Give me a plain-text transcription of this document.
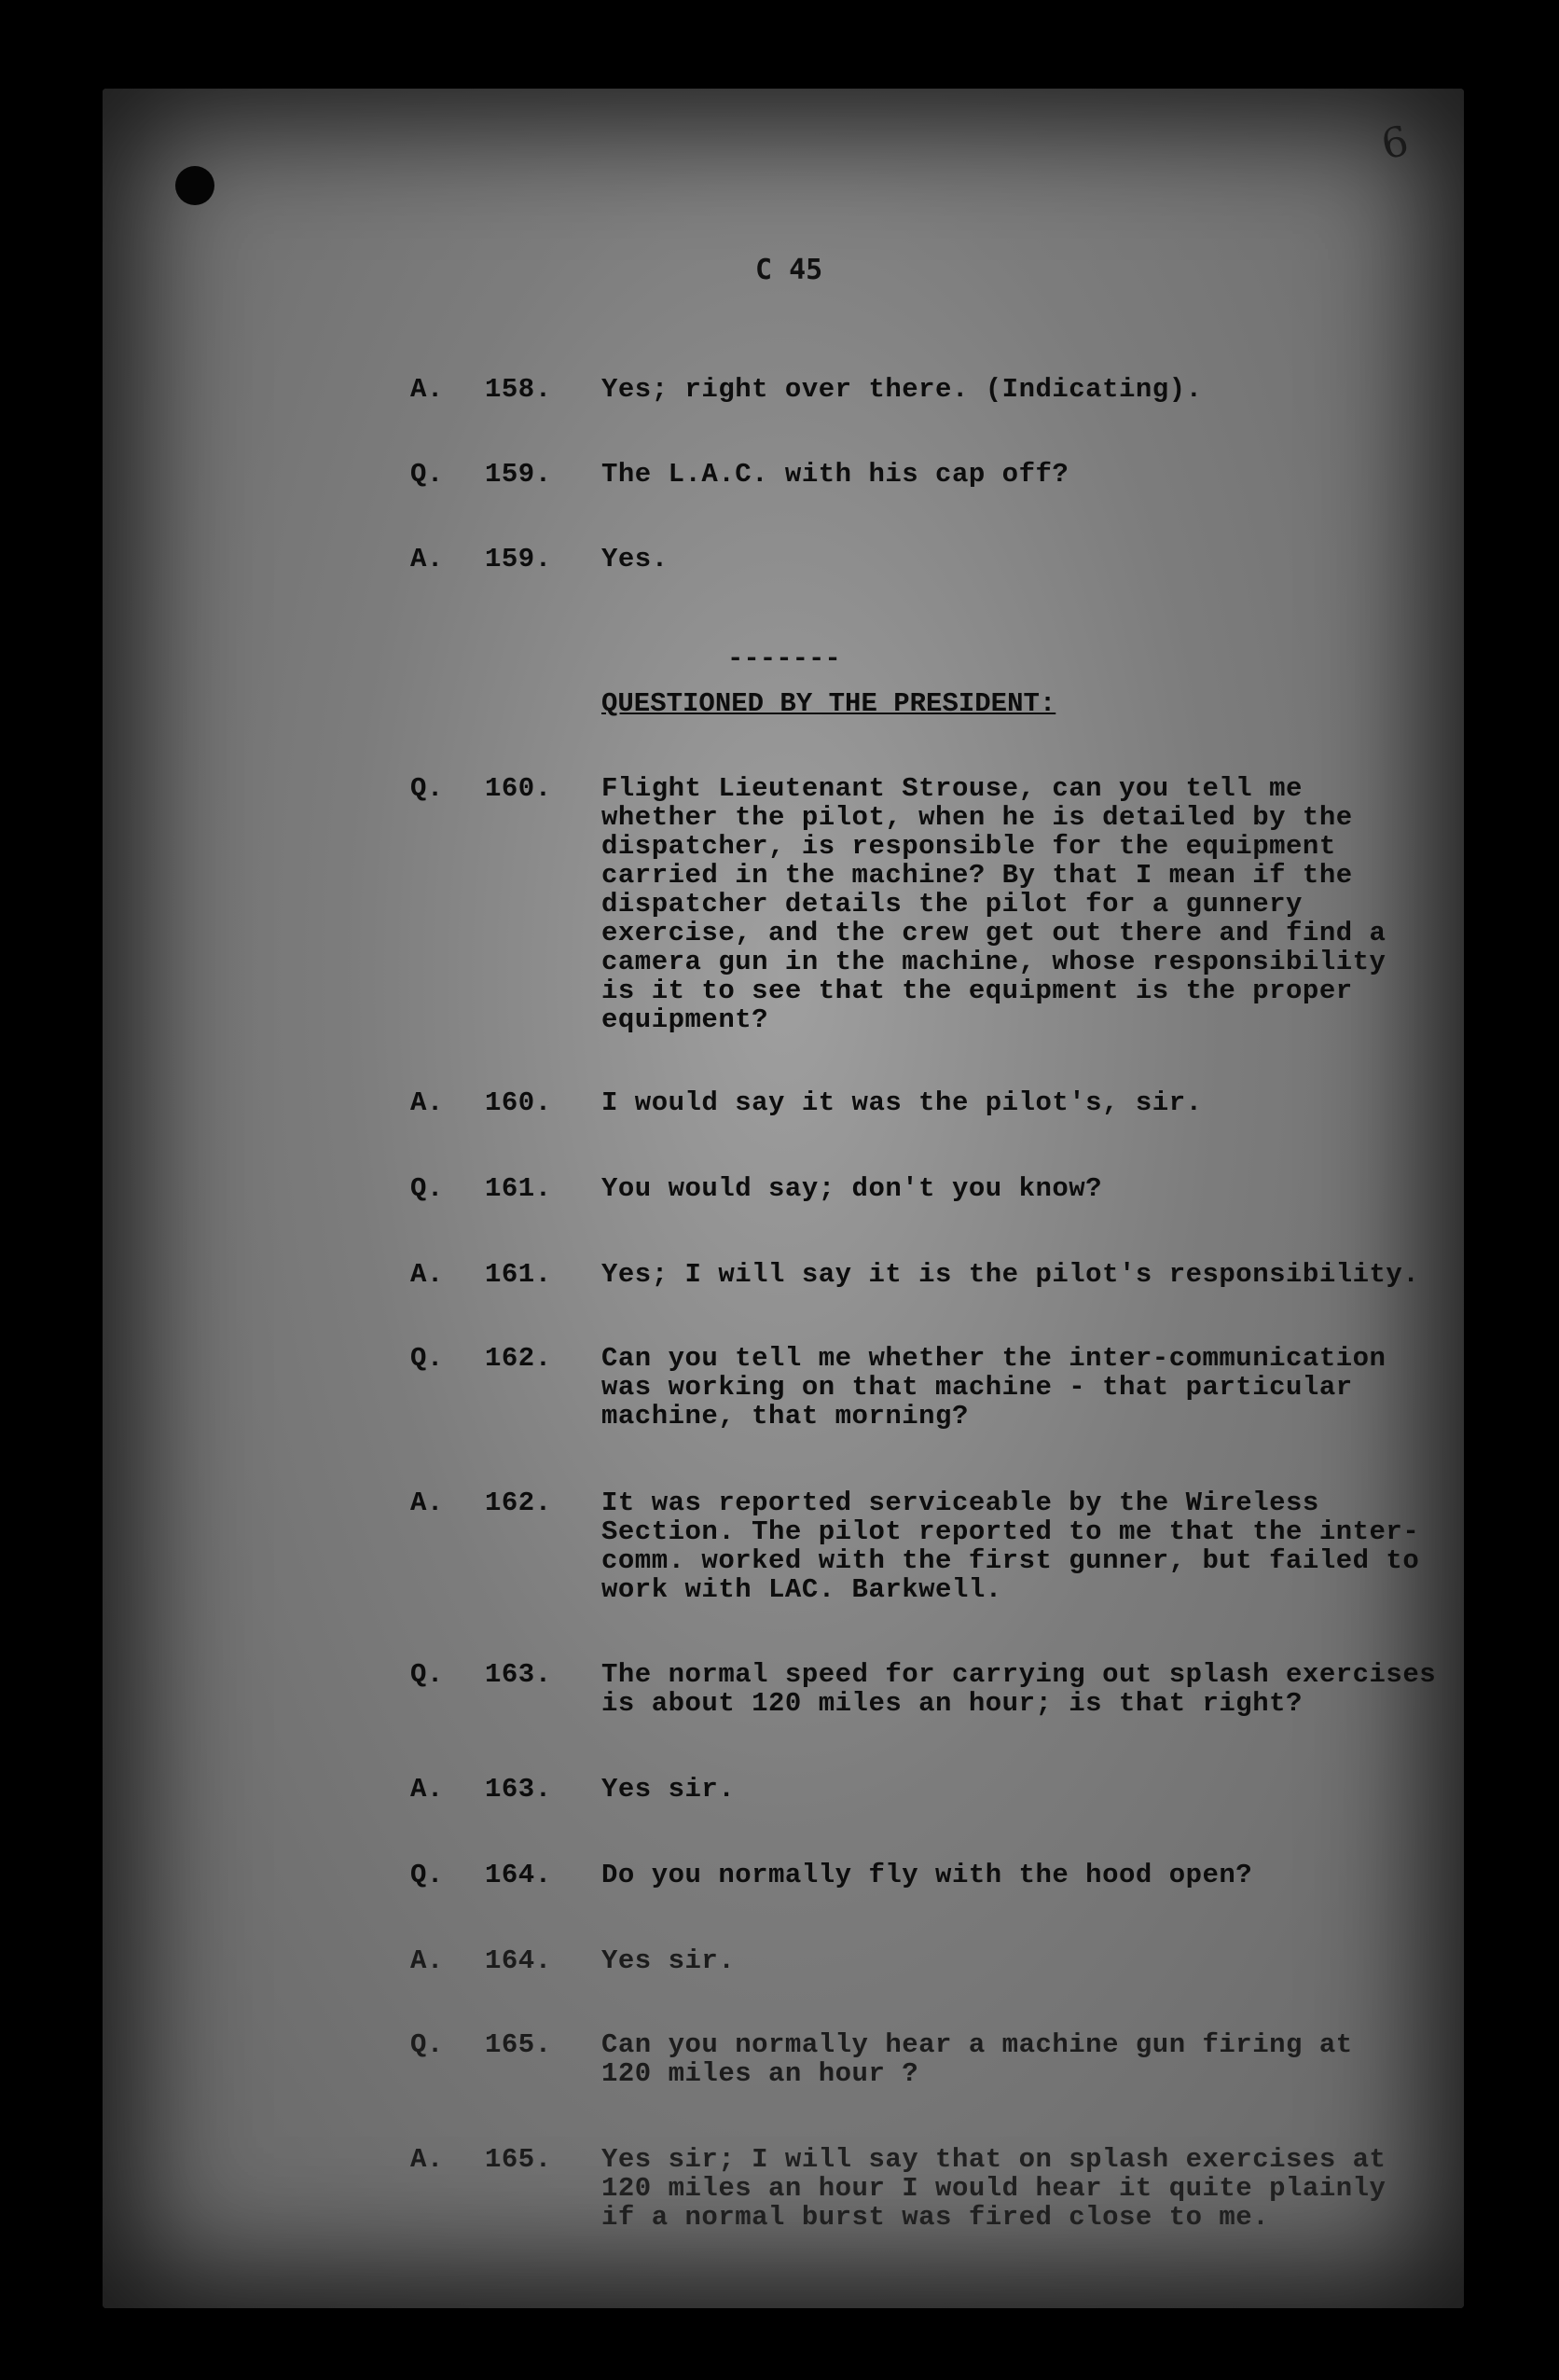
6
C 45
A. 158. Yes; right over there. (Indicating).
Q. 159. The L.A.C. with his cap off?
A. 159. Yes.
-------
QUESTIONED BY THE PRESIDENT:
Q. 160. Flight Lieutenant Strouse, can you tell me
whether the pilot, when he is detailed by the
dispatcher, is responsible for the equipment
carried in the machine? By that I mean if the
dispatcher details the pilot for a gunnery
exercise, and the crew get out there and find a
camera gun in the machine, whose responsibility
is it to see that the equipment is the proper
equipment?
A. 160. I would say it was the pilot's, sir.
Q. 161. You would say; don't you know?
A. 161. Yes; I will say it is the pilot's responsibility.
Q. 162. Can you tell me whether the inter-communication
was working on that machine - that particular
machine, that morning?
A. 162. It was reported serviceable by the Wireless
Section. The pilot reported to me that the inter-
comm. worked with the first gunner, but failed to
work with LAC. Barkwell.
Q. 163. The normal speed for carrying out splash exercises
is about 120 miles an hour; is that right?
A. 163. Yes sir.
Q. 164. Do you normally fly with the hood open?
A. 164. Yes sir.
Q. 165. Can you normally hear a machine gun firing at
120 miles an hour ?
A. 165. Yes sir; I will say that on splash exercises at
120 miles an hour I would hear it quite plainly
if a normal burst was fired close to me.
